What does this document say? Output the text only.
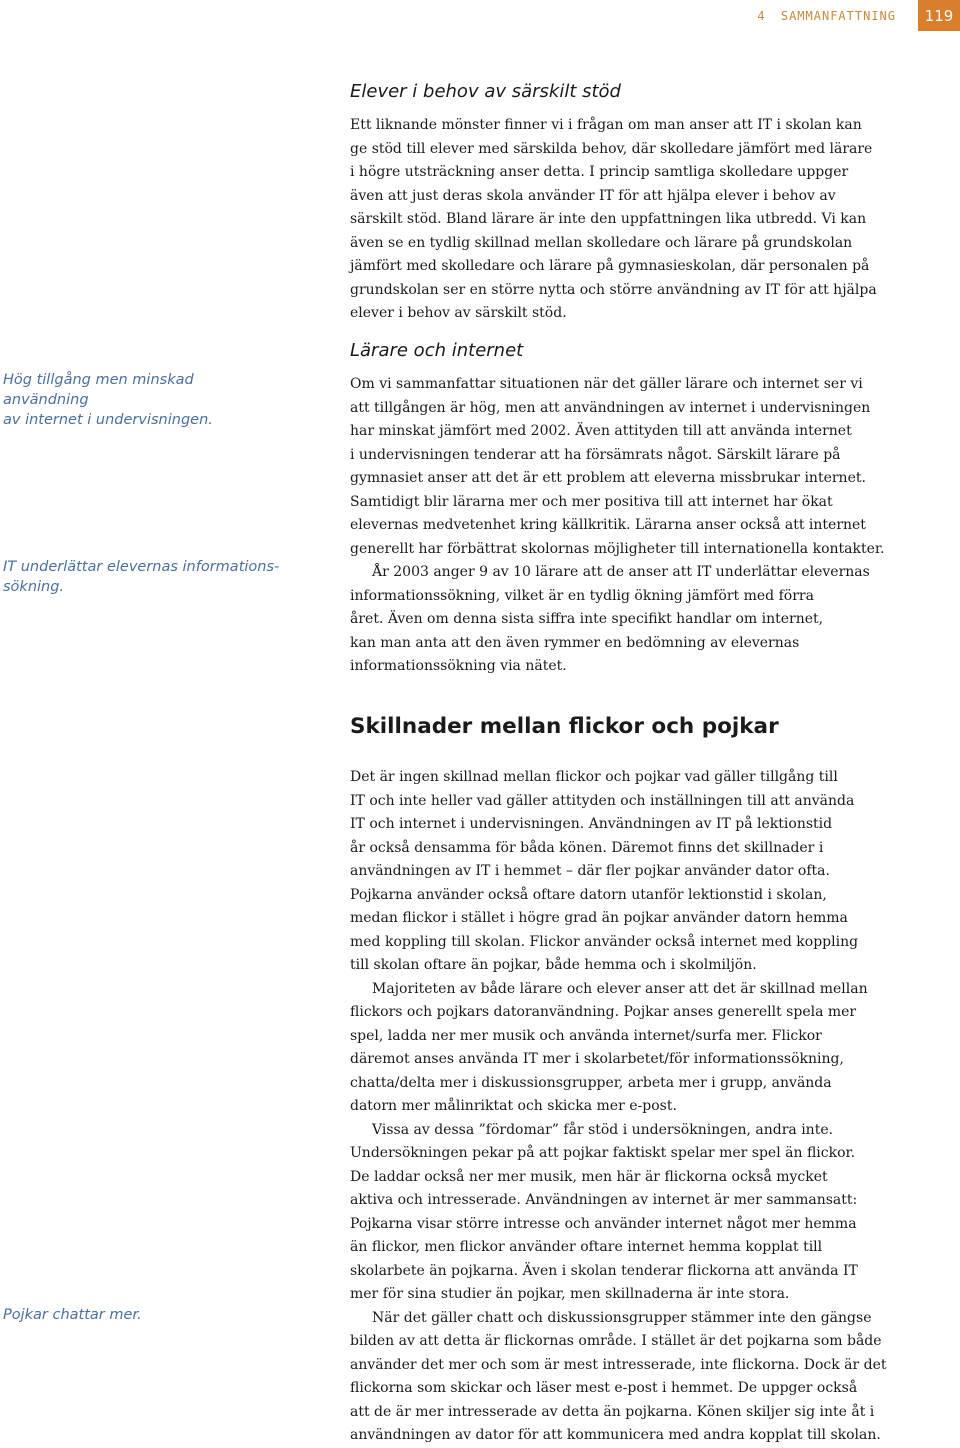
4 SAMMANFATTNING	119
Hög tillgång men minskad användning
av internet i undervisningen.
IT underlättar elevernas informations-
sökning.
Pojkar chattar mer.
Elever i behov av särskilt stöd

Ett liknande mönster finner vi i frågan om man anser att IT i skolan kan
ge stöd till elever med särskilda behov, där skolledare jämfört med lärare
i högre utsträckning anser detta. I princip samtliga skolledare uppger
även att just deras skola använder IT för att hjälpa elever i behov av
särskilt stöd. Bland lärare är inte den uppfattningen lika utbredd. Vi kan
även se en tydlig skillnad mellan skolledare och lärare på grundskolan
jämfört med skolledare och lärare på gymnasieskolan, där personalen på
grundskolan ser en större nytta och större användning av IT för att hjälpa
elever i behov av särskilt stöd.

Lärare och internet

Om vi sammanfattar situationen när det gäller lärare och internet ser vi
att tillgången är hög, men att användningen av internet i undervisningen
har minskat jämfört med 2002. Även attityden till att använda internet
i undervisningen tenderar att ha försämrats något. Särskilt lärare på
gymnasiet anser att det är ett problem att eleverna missbrukar internet.
Samtidigt blir lärarna mer och mer positiva till att internet har ökat
elevernas medvetenhet kring källkritik. Lärarna anser också att internet
generellt har förbättrat skolornas möjligheter till internationella kontakter.

År 2003 anger 9 av 10 lärare att de anser att IT underlättar elevernas
informationssökning, vilket är en tydlig ökning jämfört med förra
året. Även om denna sista siffra inte specifikt handlar om internet,
kan man anta att den även rymmer en bedömning av elevernas
informationssökning via nätet.

Skillnader mellan flickor och pojkar

Det är ingen skillnad mellan flickor och pojkar vad gäller tillgång till
IT och inte heller vad gäller attityden och inställningen till att använda
IT och internet i undervisningen. Användningen av IT på lektionstid
år också densamma för båda könen. Däremot finns det skillnader i
användningen av IT i hemmet – där fler pojkar använder dator ofta.
Pojkarna använder också oftare datorn utanför lektionstid i skolan,
medan flickor i stället i högre grad än pojkar använder datorn hemma
med koppling till skolan. Flickor använder också internet med koppling
till skolan oftare än pojkar, både hemma och i skolmiljön.

Majoriteten av både lärare och elever anser att det är skillnad mellan
flickors och pojkars datoranvändning. Pojkar anses generellt spela mer
spel, ladda ner mer musik och använda internet/surfa mer. Flickor
däremot anses använda IT mer i skolarbetet/för informationssökning,
chatta/delta mer i diskussionsgrupper, arbeta mer i grupp, använda
datorn mer målinriktat och skicka mer e-post.

Vissa av dessa ”fördomar” får stöd i undersökningen, andra inte.
Undersökningen pekar på att pojkar faktiskt spelar mer spel än flickor.
De laddar också ner mer musik, men här är flickorna också mycket
aktiva och intresserade. Användningen av internet är mer sammansatt:
Pojkarna visar större intresse och använder internet något mer hemma
än flickor, men flickor använder oftare internet hemma kopplat till
skolarbete än pojkarna. Även i skolan tenderar flickorna att använda IT
mer för sina studier än pojkar, men skillnaderna är inte stora.

När det gäller chatt och diskussionsgrupper stämmer inte den gängse
bilden av att detta är flickornas område. I stället är det pojkarna som både
använder det mer och som är mest intresserade, inte flickorna. Dock är det
flickorna som skickar och läser mest e-post i hemmet. De uppger också
att de är mer intresserade av detta än pojkarna. Könen skiljer sig inte åt i
användningen av dator för att kommunicera med andra kopplat till skolan.
